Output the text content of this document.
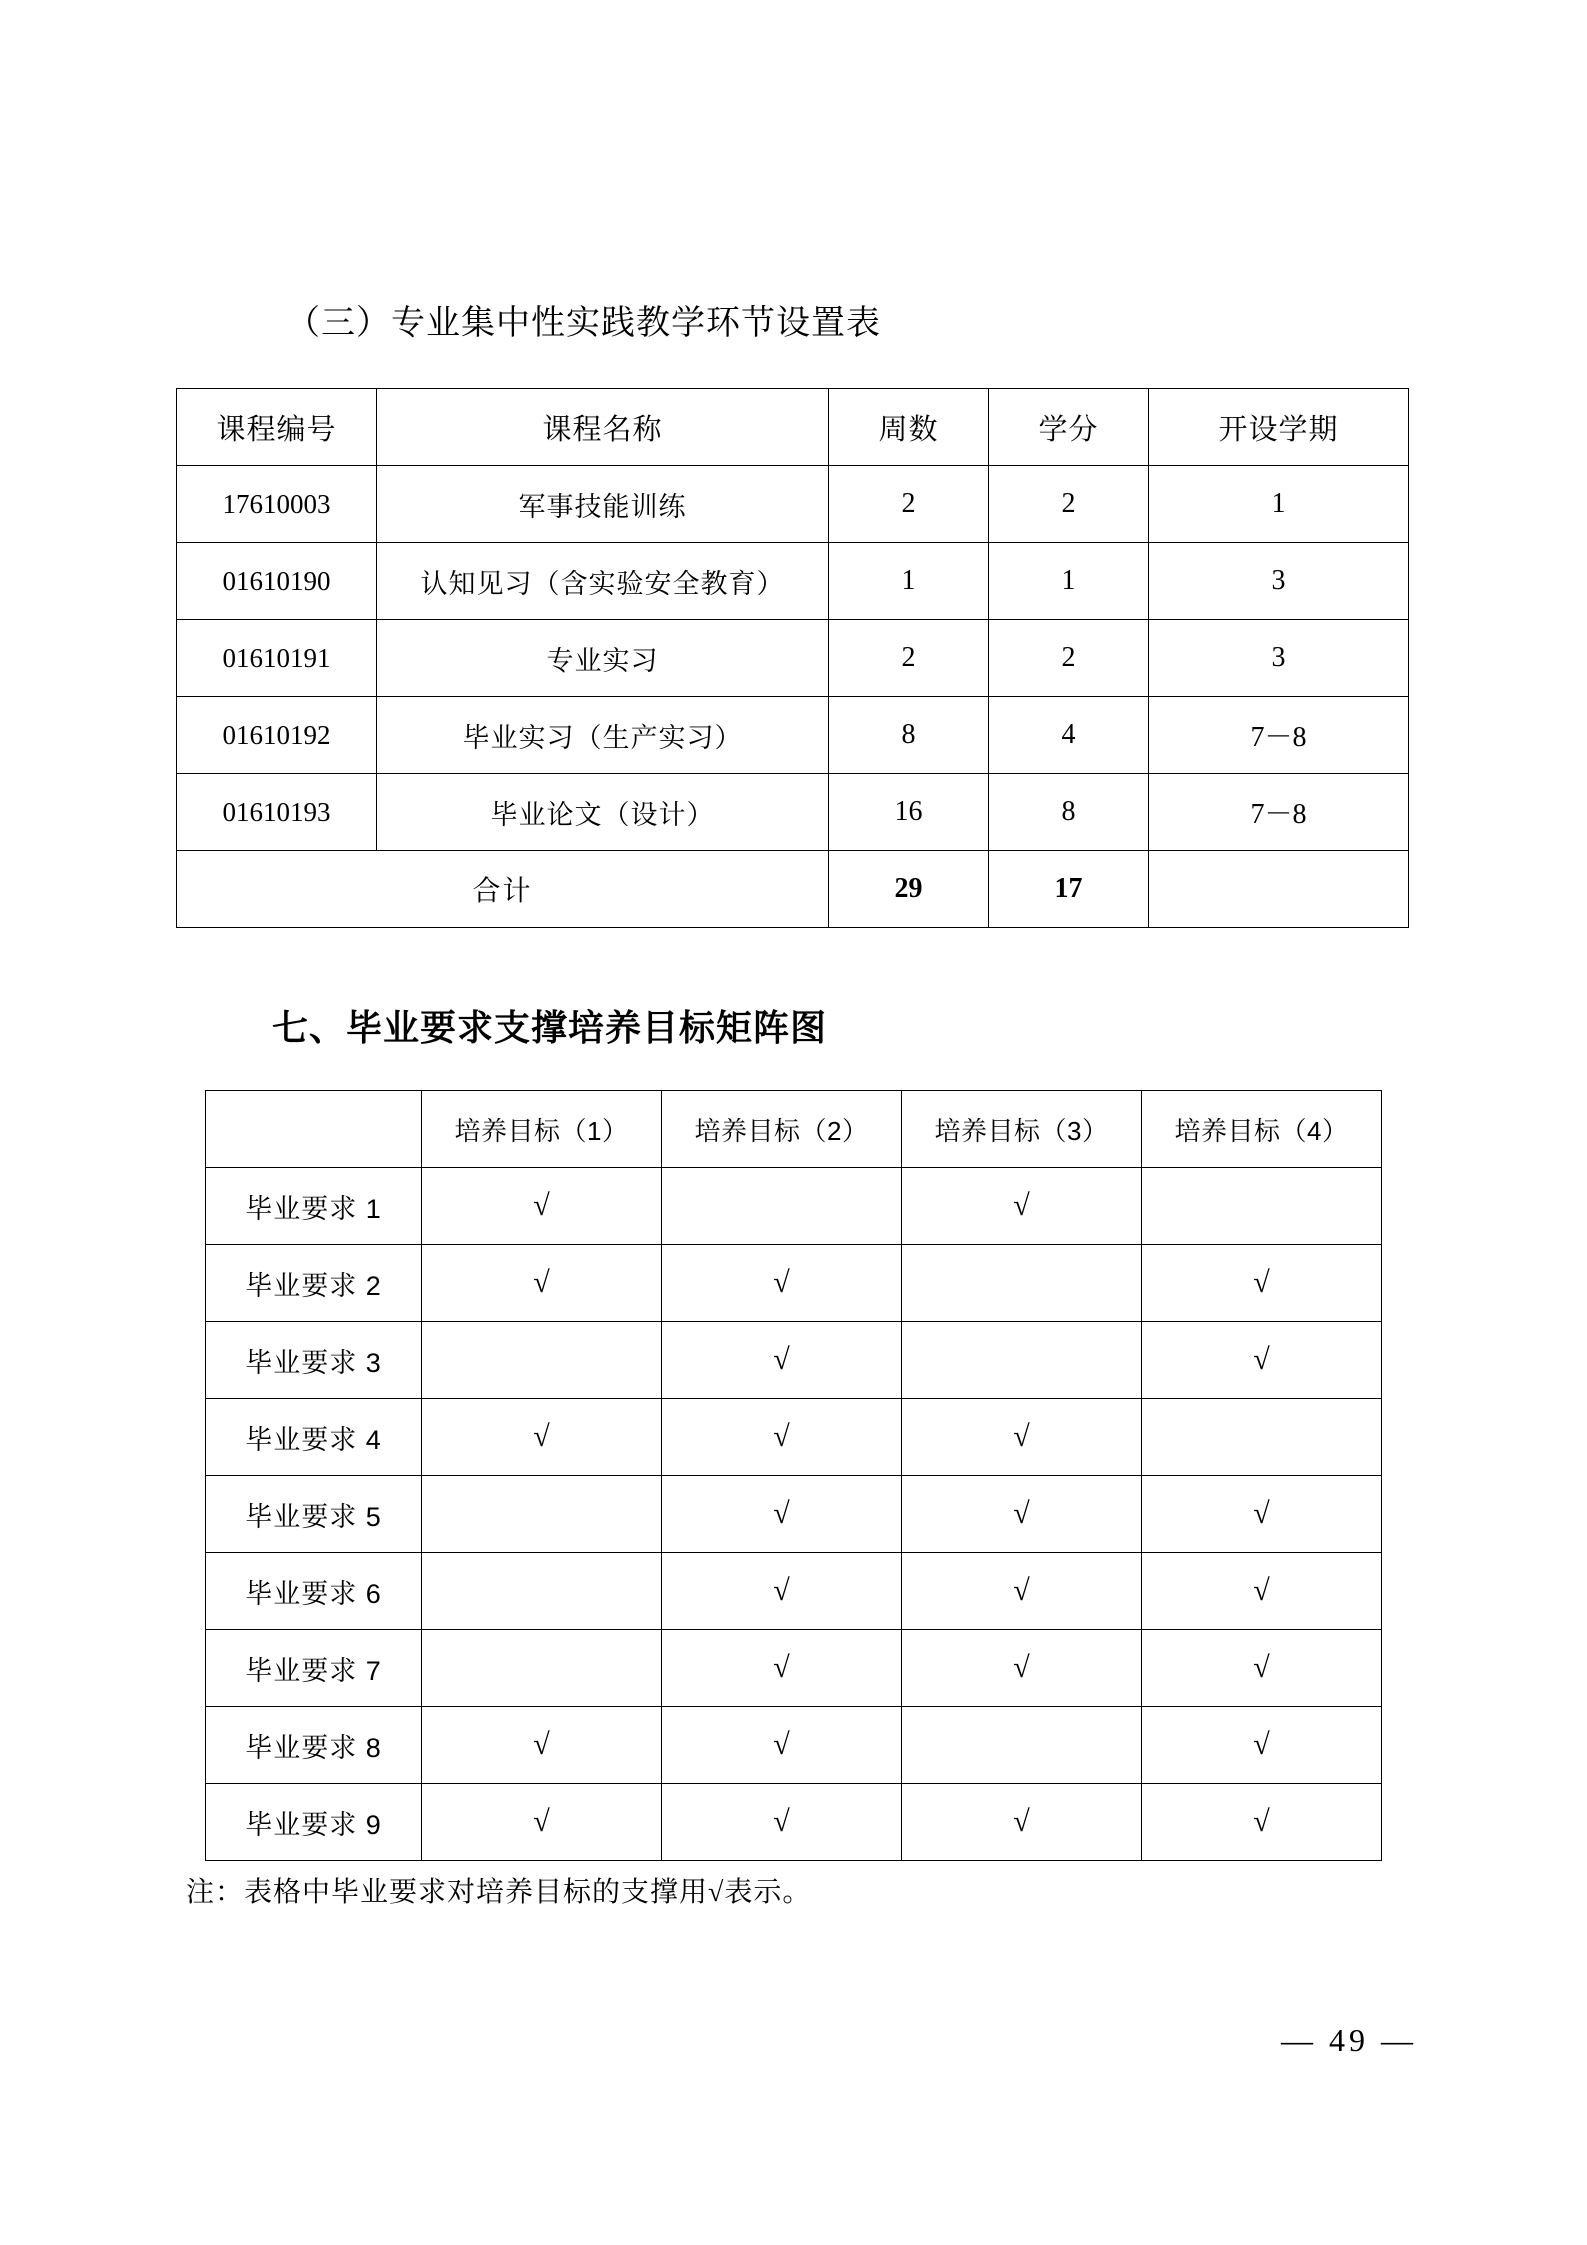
（三）专业集中性实践教学环节设置表
课程编号	课程名称	周数	学分	开设学期
17610003	军事技能训练	2	2	1
01610190	认知见习（含实验安全教育）	1	1	3
01610191	专业实习	2	2	3
01610192	毕业实习（生产实习）	8	4	7－8
01610193	毕业论文（设计）	16	8	7－8
合计		29	17	
七、毕业要求支撑培养目标矩阵图
	培养目标（1）	培养目标（2）	培养目标（3）	培养目标（4）
毕业要求 1	√		√	
毕业要求 2	√	√		√
毕业要求 3		√		√
毕业要求 4	√	√	√	
毕业要求 5		√	√	√
毕业要求 6		√	√	√
毕业要求 7		√	√	√
毕业要求 8	√	√		√
毕业要求 9	√	√	√	√
注：表格中毕业要求对培养目标的支撑用√表示。
— 49 —
